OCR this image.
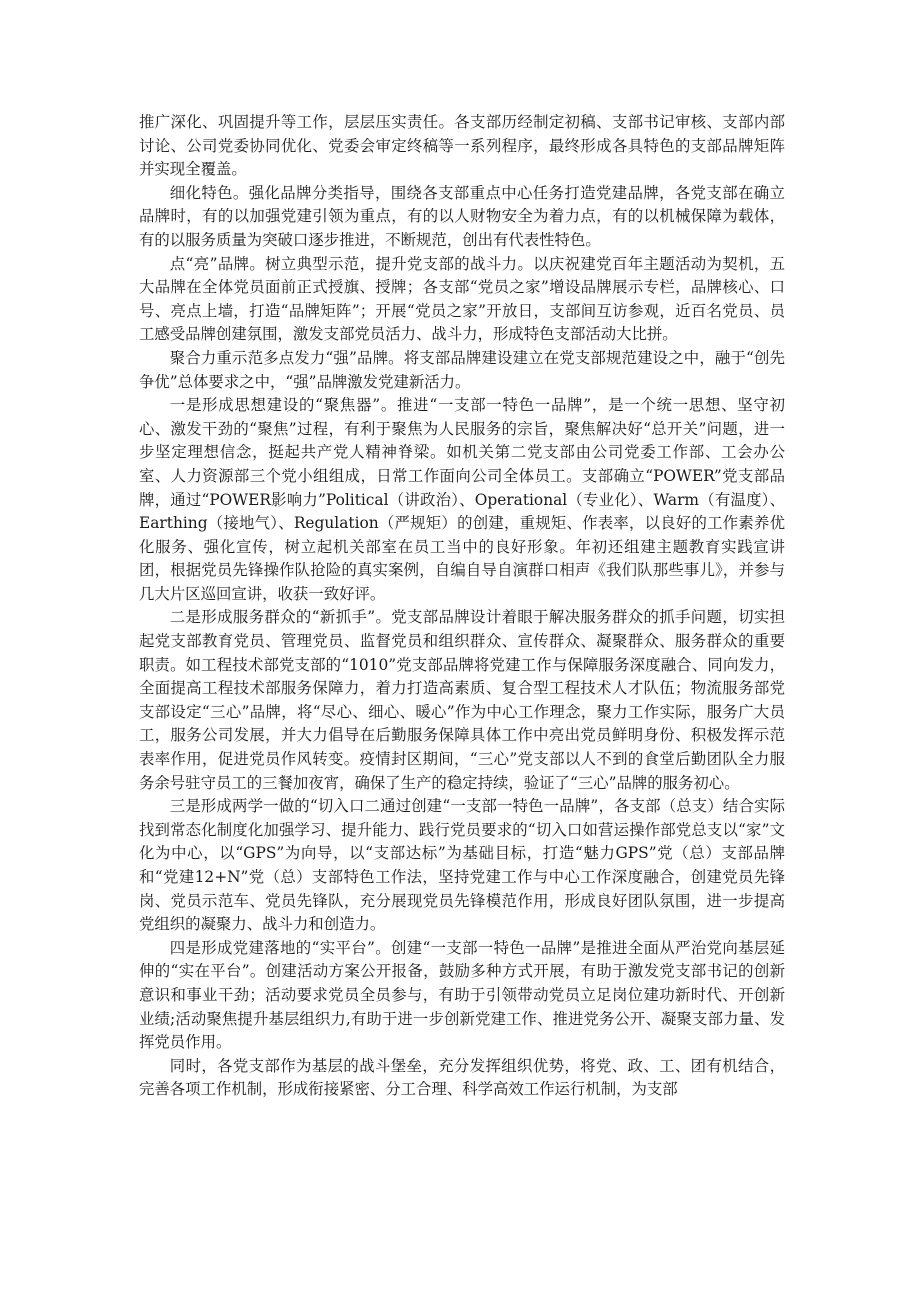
推广深化、巩固提升等工作，层层压实责任。各支部历经制定初稿、支部书记审核、支部内部讨论、公司党委协同优化、党委会审定终稿等一系列程序，最终形成各具特色的支部品牌矩阵并实现全覆盖。

细化特色。强化品牌分类指导，围绕各支部重点中心任务打造党建品牌，各党支部在确立品牌时，有的以加强党建引领为重点，有的以人财物安全为着力点，有的以机械保障为载体，有的以服务质量为突破口逐步推进，不断规范，创出有代表性特色。

点“亮”品牌。树立典型示范，提升党支部的战斗力。以庆祝建党百年主题活动为契机，五大品牌在全体党员面前正式授旗、授牌；各支部“党员之家”增设品牌展示专栏，品牌核心、口号、亮点上墙，打造“品牌矩阵”；开展“党员之家”开放日，支部间互访参观，近百名党员、员工感受品牌创建氛围，激发支部党员活力、战斗力，形成特色支部活动大比拼。

聚合力重示范多点发力“强”品牌。将支部品牌建设建立在党支部规范建设之中，融于“创先争优”总体要求之中，“强”品牌激发党建新活力。

一是形成思想建设的“聚焦器”。推进“一支部一特色一品牌”，是一个统一思想、坚守初心、激发干劲的“聚焦”过程，有利于聚焦为人民服务的宗旨，聚焦解决好“总开关”问题，进一步坚定理想信念，挺起共产党人精神脊梁。如机关第二党支部由公司党委工作部、工会办公室、人力资源部三个党小组组成，日常工作面向公司全体员工。支部确立“POWER”党支部品牌，通过“POWER影响力”Political（讲政治）、Operational（专业化）、Warm（有温度）、Earthing（接地气）、Regulation（严规矩）的创建，重规矩、作表率，以良好的工作素养优化服务、强化宣传，树立起机关部室在员工当中的良好形象。年初还组建主题教育实践宣讲团，根据党员先锋操作队抢险的真实案例，自编自导自演群口相声《我们队那些事儿》，并参与几大片区巡回宣讲，收获一致好评。

二是形成服务群众的“新抓手”。党支部品牌设计着眼于解决服务群众的抓手问题，切实担起党支部教育党员、管理党员、监督党员和组织群众、宣传群众、凝聚群众、服务群众的重要职责。如工程技术部党支部的“1010”党支部品牌将党建工作与保障服务深度融合、同向发力，全面提高工程技术部服务保障力，着力打造高素质、复合型工程技术人才队伍；物流服务部党支部设定“三心”品牌，将“尽心、细心、暖心”作为中心工作理念，聚力工作实际，服务广大员工，服务公司发展，并大力倡导在后勤服务保障具体工作中亮出党员鲜明身份、积极发挥示范表率作用，促进党员作风转变。疫情封区期间，“三心”党支部以人不到的食堂后勤团队全力服务余号驻守员工的三餐加夜宵，确保了生产的稳定持续，验证了“三心”品牌的服务初心。

三是形成两学一做的“切入口二通过创建“一支部一特色一品牌”，各支部（总支）结合实际找到常态化制度化加强学习、提升能力、践行党员要求的“切入口如营运操作部党总支以“家”文化为中心，以“GPS”为向导，以“支部达标”为基础目标，打造“魅力GPS”党（总）支部品牌和“党建12+N”党（总）支部特色工作法，坚持党建工作与中心工作深度融合，创建党员先锋岗、党员示范车、党员先锋队，充分展现党员先锋模范作用，形成良好团队氛围，进一步提高党组织的凝聚力、战斗力和创造力。

四是形成党建落地的“实平台”。创建“一支部一特色一品牌”是推进全面从严治党向基层延伸的“实在平台”。创建活动方案公开报备，鼓励多种方式开展，有助于激发党支部书记的创新意识和事业干劲；活动要求党员全员参与，有助于引领带动党员立足岗位建功新时代、开创新业绩;活动聚焦提升基层组织力,有助于进一步创新党建工作、推进党务公开、凝聚支部力量、发挥党员作用。

同时，各党支部作为基层的战斗堡垒，充分发挥组织优势，将党、政、工、团有机结合，完善各项工作机制，形成衔接紧密、分工合理、科学高效工作运行机制，为支部
